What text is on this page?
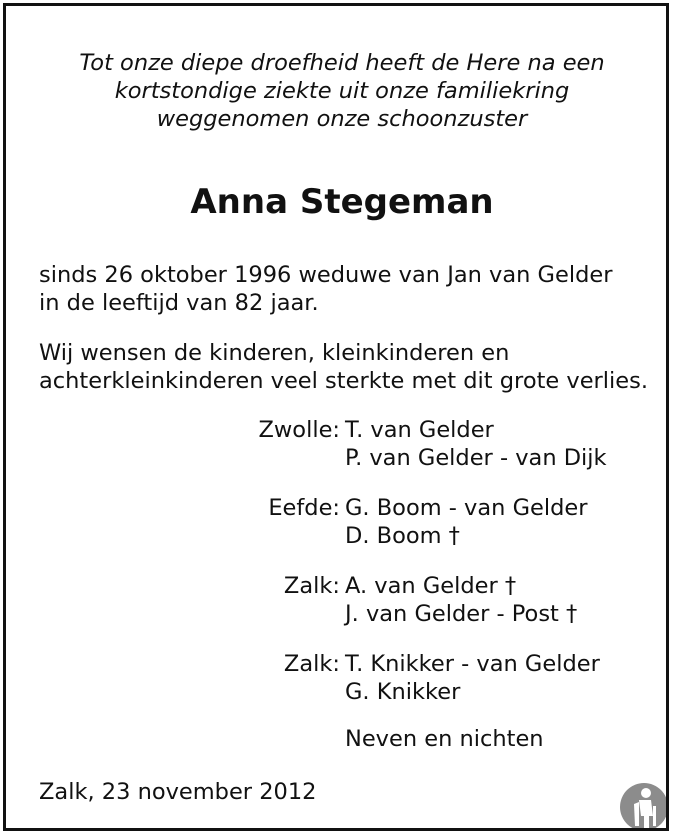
Tot onze diepe droefheid heeft de Here na een
kortstondige ziekte uit onze familiekring
weggenomen onze schoonzuster
Anna Stegeman
sinds 26 oktober 1996 weduwe van Jan van Gelder
in de leeftijd van 82 jaar.
Wij wensen de kinderen, kleinkinderen en
achterkleinkinderen veel sterkte met dit grote verlies.
Zwolle: T. van Gelder
P. van Gelder - van Dijk
Eefde: G. Boom - van Gelder
D. Boom †
Zalk: A. van Gelder †
J. van Gelder - Post †
Zalk: T. Knikker - van Gelder
G. Knikker
Neven en nichten
Zalk, 23 november 2012
